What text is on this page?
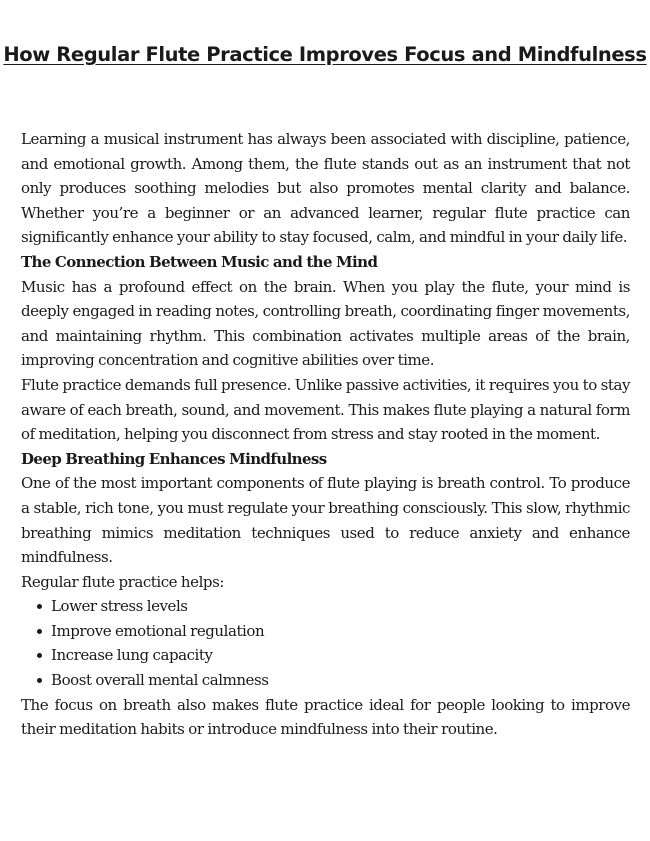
How Regular Flute Practice Improves Focus and Mindfulness

Learning a musical instrument has always been associated with discipline, patience, and emotional growth. Among them, the flute stands out as an instrument that not only produces soothing melodies but also promotes mental clarity and balance. Whether you’re a beginner or an advanced learner, regular flute practice can significantly enhance your ability to stay focused, calm, and mindful in your daily life.

The Connection Between Music and the Mind

Music has a profound effect on the brain. When you play the flute, your mind is deeply engaged in reading notes, controlling breath, coordinating finger movements, and maintaining rhythm. This combination activates multiple areas of the brain, improving concentration and cognitive abilities over time.

Flute practice demands full presence. Unlike passive activities, it requires you to stay aware of each breath, sound, and movement. This makes flute playing a natural form of meditation, helping you disconnect from stress and stay rooted in the moment.

Deep Breathing Enhances Mindfulness

One of the most important components of flute playing is breath control. To produce a stable, rich tone, you must regulate your breathing consciously. This slow, rhythmic breathing mimics meditation techniques used to reduce anxiety and enhance mindfulness.

Regular flute practice helps:

Lower stress levels
Improve emotional regulation
Increase lung capacity
Boost overall mental calmness

The focus on breath also makes flute practice ideal for people looking to improve their meditation habits or introduce mindfulness into their routine.
